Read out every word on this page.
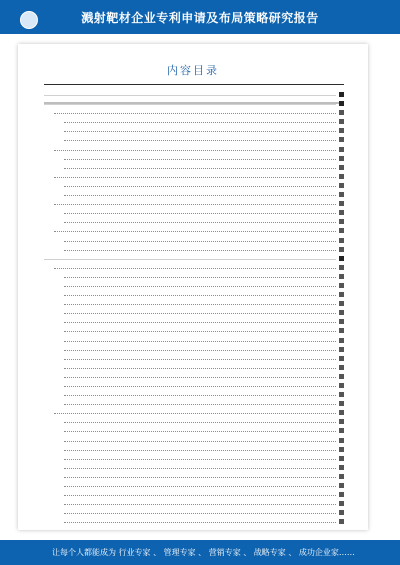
溅射靶材企业专利申请及布局策略研究报告
内容目录
让每个人都能成为 行业专家 、 管理专家 、 营销专家 、 战略专家 、 成功企业家……
